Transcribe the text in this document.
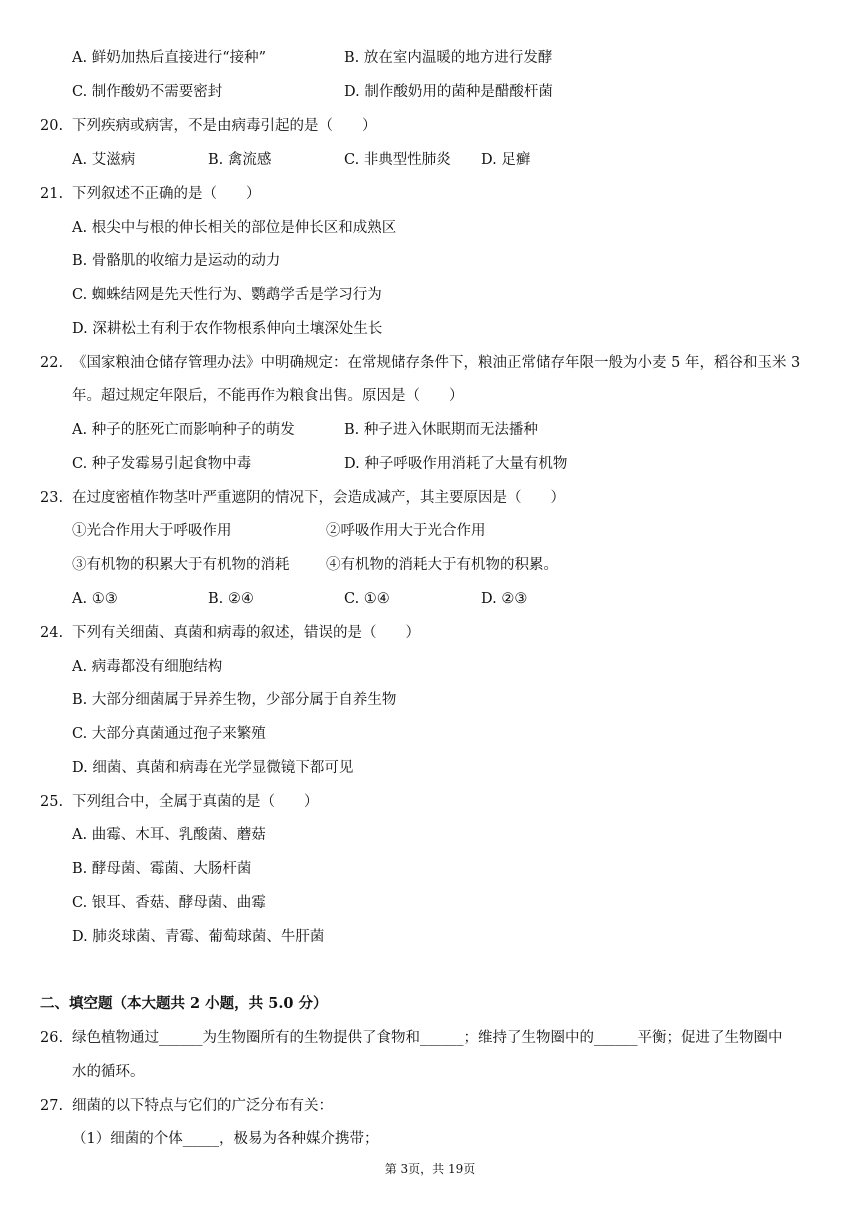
A. 鲜奶加热后直接进行“接种”	B. 放在室内温暖的地方进行发酵
C. 制作酸奶不需要密封	D. 制作酸奶用的菌种是醋酸杆菌
20. 下列疾病或病害，不是由病毒引起的是（　　）
A. 艾滋病	B. 禽流感	C. 非典型性肺炎 D. 足癣
21. 下列叙述不正确的是（　　）
A. 根尖中与根的伸长相关的部位是伸长区和成熟区
B. 骨骼肌的收缩力是运动的动力
C. 蜘蛛结网是先天性行为、鹦鹉学舌是学习行为
D. 深耕松土有利于农作物根系伸向土壤深处生长
22. 《国家粮油仓储存管理办法》中明确规定：在常规储存条件下，粮油正常储存年限一般为小麦 5 年，稻谷和玉米 3
年。超过规定年限后，不能再作为粮食出售。原因是（　　）
A. 种子的胚死亡而影响种子的萌发	B. 种子进入休眠期而无法播种
C. 种子发霉易引起食物中毒	D. 种子呼吸作用消耗了大量有机物
23. 在过度密植作物茎叶严重遮阴的情况下，会造成减产，其主要原因是（　　）
①光合作用大于呼吸作用	②呼吸作用大于光合作用
③有机物的积累大于有机物的消耗	④有机物的消耗大于有机物的积累。
A. ①③	B. ②④	C. ①④	D. ②③
24. 下列有关细菌、真菌和病毒的叙述，错误的是（　　）
A. 病毒都没有细胞结构
B. 大部分细菌属于异养生物，少部分属于自养生物
C. 大部分真菌通过孢子来繁殖
D. 细菌、真菌和病毒在光学显微镜下都可见
25. 下列组合中，全属于真菌的是（　　）
A. 曲霉、木耳、乳酸菌、蘑菇
B. 酵母菌、霉菌、大肠杆菌
C. 银耳、香菇、酵母菌、曲霉
D. 肺炎球菌、青霉、葡萄球菌、牛肝菌
二、填空题（本大题共 2 小题，共 5.0 分）
26. 绿色植物通过______为生物圈所有的生物提供了食物和______；维持了生物圈中的______平衡；促进了生物圈中
水的循环。
27. 细菌的以下特点与它们的广泛分布有关：
（1）细菌的个体_____，极易为各种媒介携带；
第 3页，共 19页
